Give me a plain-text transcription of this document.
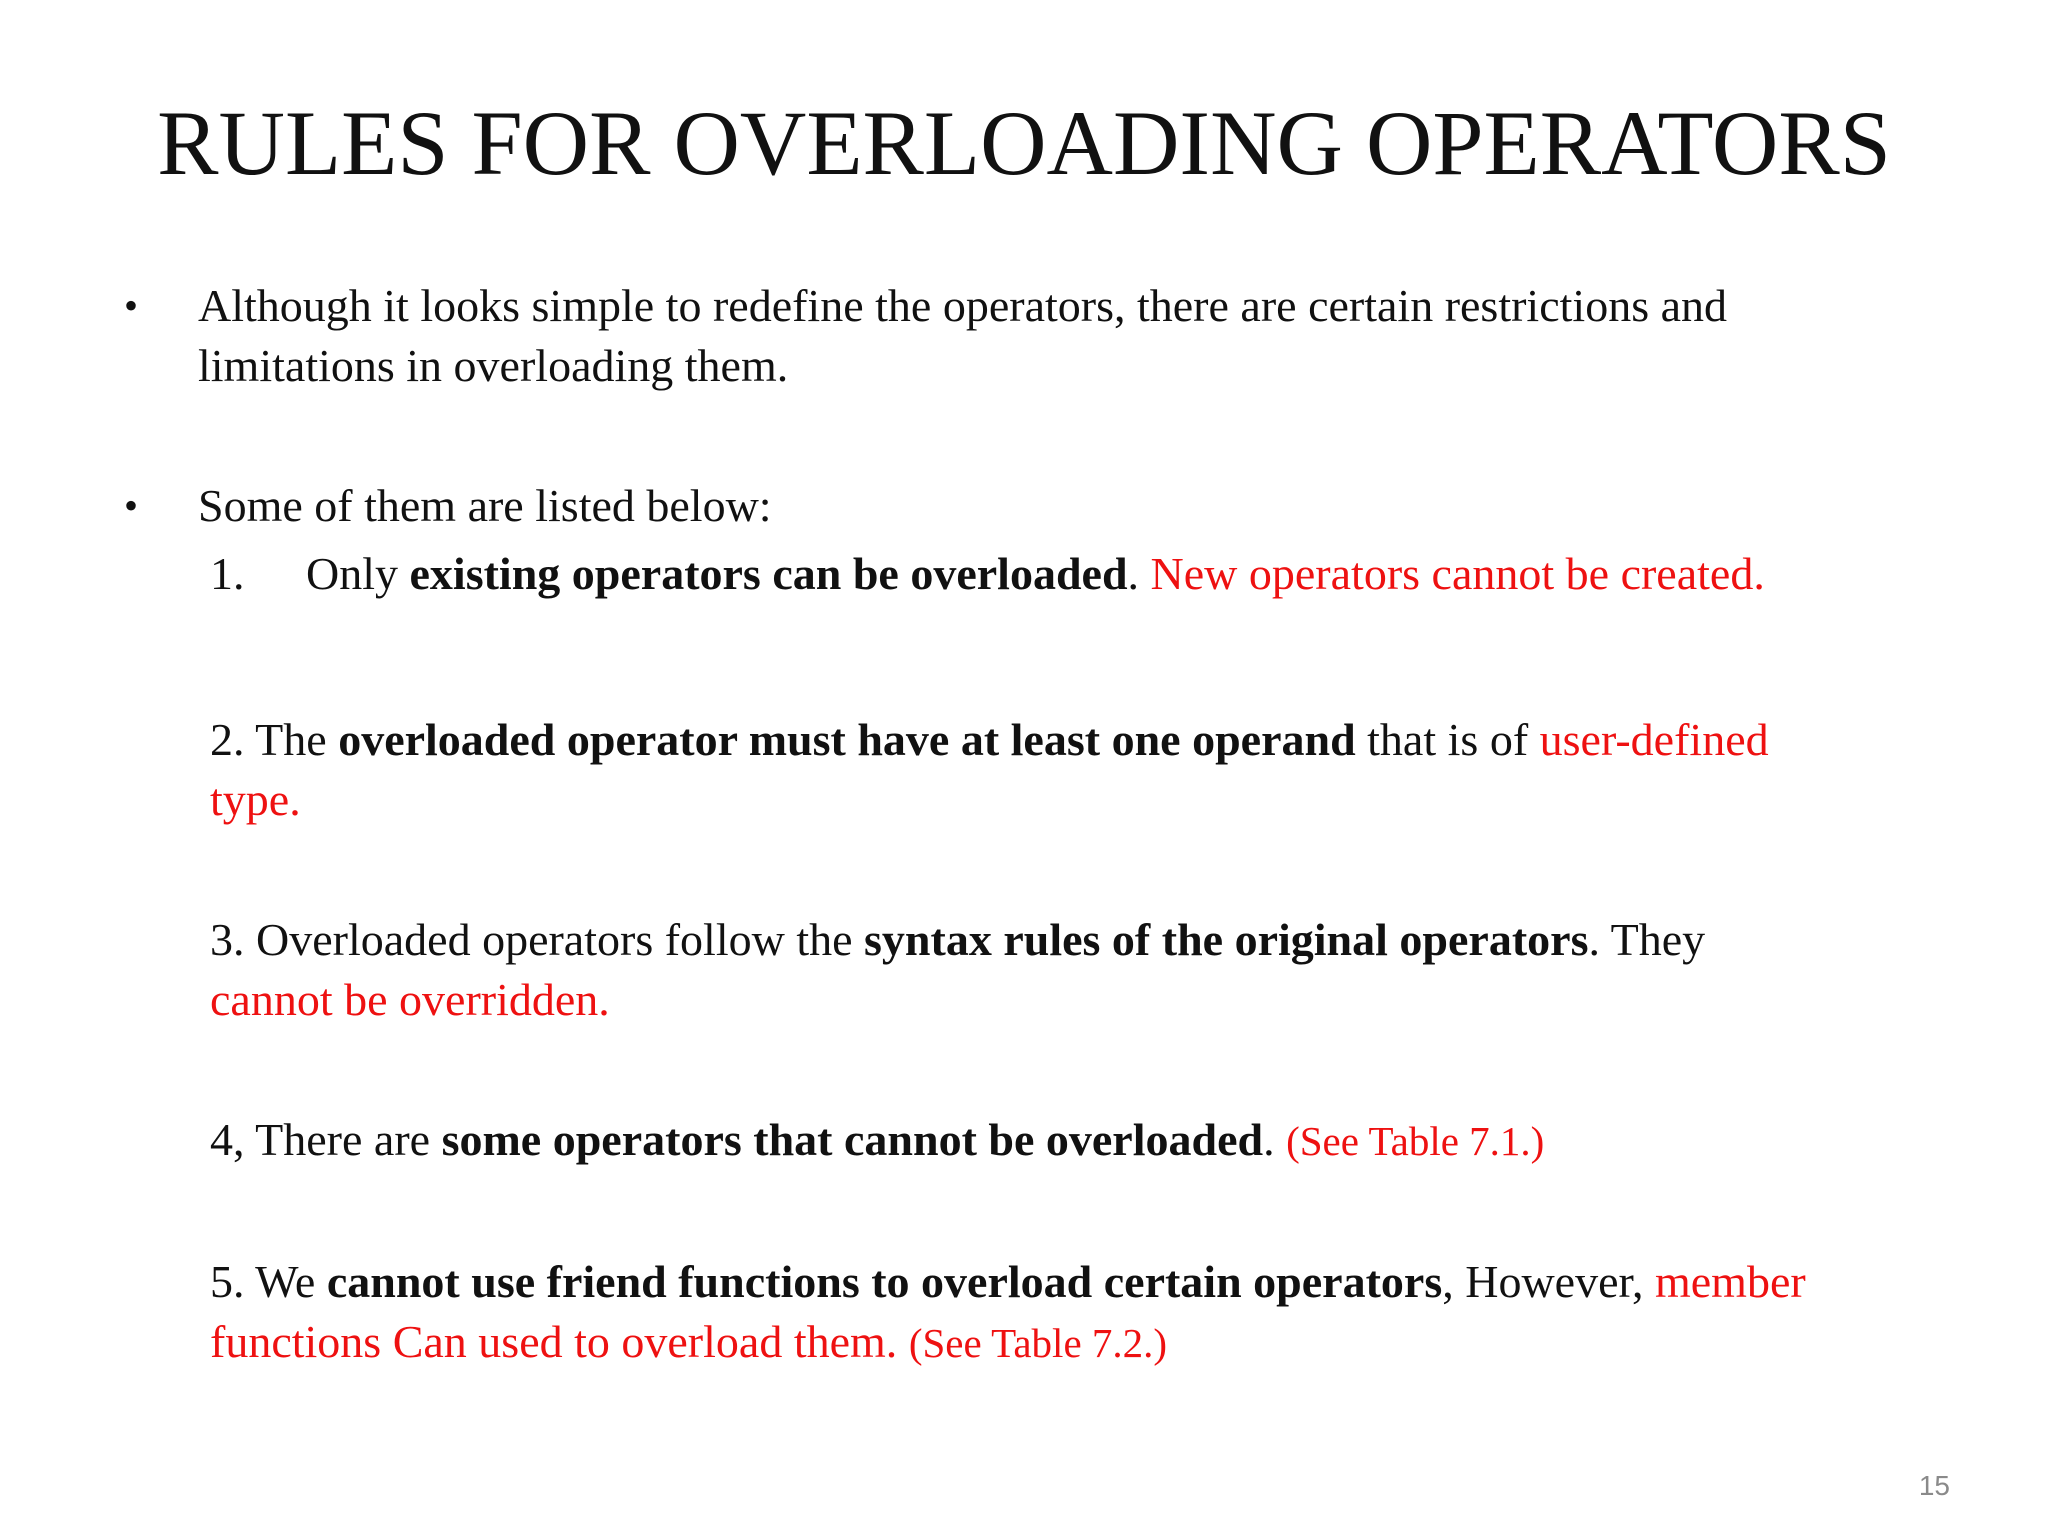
RULES FOR OVERLOADING OPERATORS
•	Although it looks simple to redefine the operators, there are certain restrictions and
limitations in overloading them.
•	Some of them are listed below:
1. Only existing operators can be overloaded. New operators cannot be created.
2. The overloaded operator must have at least one operand that is of user-defined
type.
3. Overloaded operators follow the syntax rules of the original operators. They
cannot be overridden.
4, There are some operators that cannot be overloaded. (See Table 7.1.)
5. We cannot use friend functions to overload certain operators, However, member
functions Can used to overload them. (See Table 7.2.)
15
